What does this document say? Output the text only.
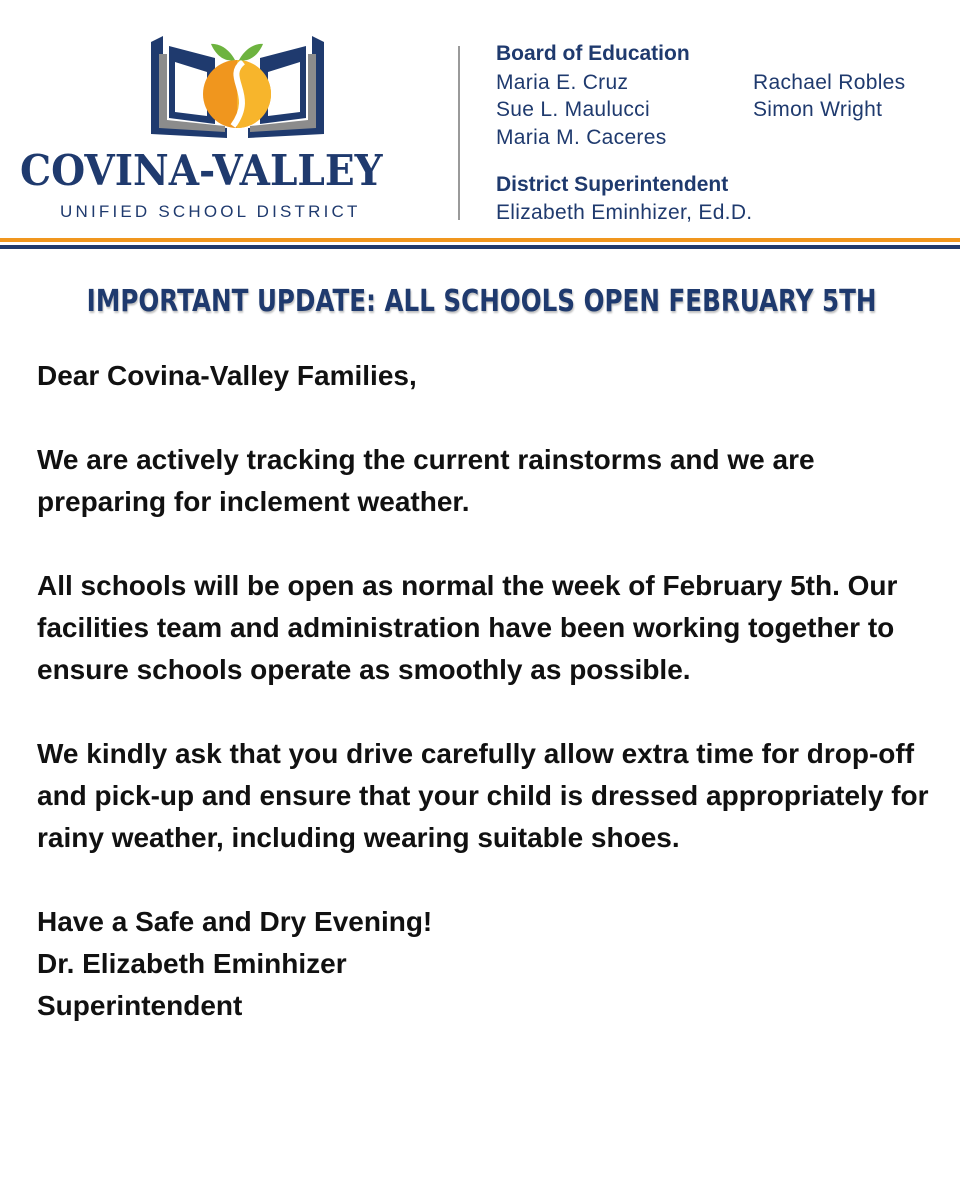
COVINA-VALLEY
UNIFIED SCHOOL DISTRICT
Board of Education
Maria E. Cruz
Sue L. Maulucci
Maria M. Caceres
Rachael Robles
Simon Wright
District Superintendent
Elizabeth Eminhizer, Ed.D.
IMPORTANT UPDATE: ALL SCHOOLS OPEN FEBRUARY 5TH

Dear Covina-Valley Families,

We are actively tracking the current rainstorms and we are preparing for inclement weather.

All schools will be open as normal the week of February 5th. Our facilities team and administration have been working together to ensure schools operate as smoothly as possible.

We kindly ask that you drive carefully allow extra time for drop-off and pick-up and ensure that your child is dressed appropriately for rainy weather, including wearing suitable shoes.

Have a Safe and Dry Evening!
Dr. Elizabeth Eminhizer
Superintendent
